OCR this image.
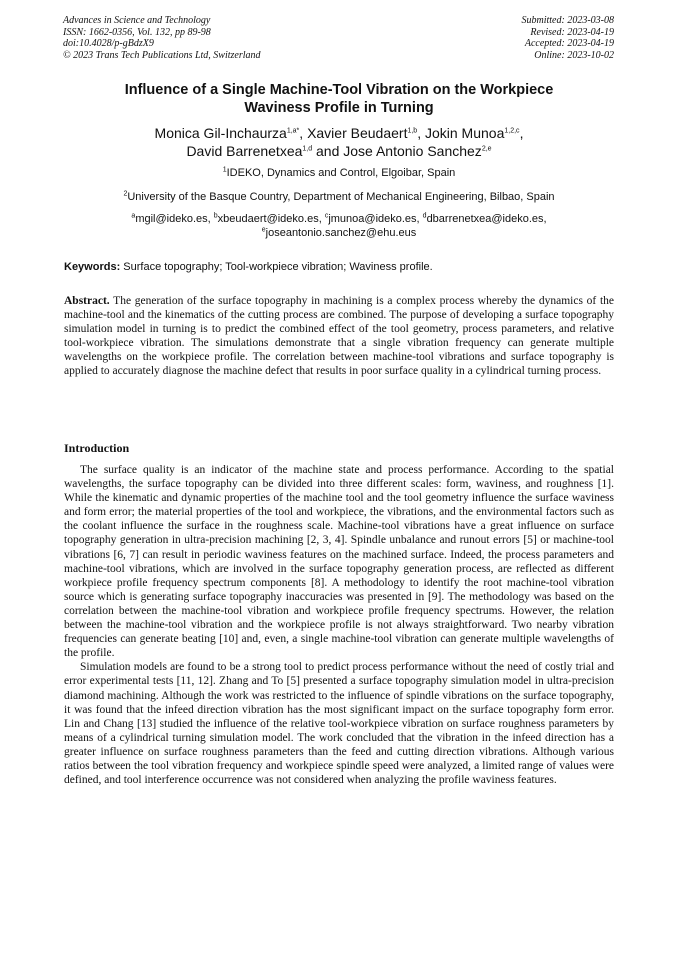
Advances in Science and Technology
ISSN: 1662-0356, Vol. 132, pp 89-98
doi:10.4028/p-gBdzX9
© 2023 Trans Tech Publications Ltd, Switzerland
Submitted: 2023-03-08
Revised: 2023-04-19
Accepted: 2023-04-19
Online: 2023-10-02
Influence of a Single Machine-Tool Vibration on the Workpiece
Waviness Profile in Turning
Monica Gil-Inchaurza$^{1,a*}$, Xavier Beudaert$^{1,b}$, Jokin Munoa$^{1,2,c}$,
David Barrenetxea$^{1,d}$ and Jose Antonio Sanchez$^{2,e}$
$^1$IDEKO, Dynamics and Control, Elgoibar, Spain
$^2$University of the Basque Country, Department of Mechanical Engineering, Bilbao, Spain
$^a$mgil@ideko.es, $^b$xbeudaert@ideko.es, $^c$jmunoa@ideko.es, $^d$dbarrenetxea@ideko.es,
$^e$joseantonio.sanchez@ehu.eus
Keywords: Surface topography; Tool-workpiece vibration; Waviness profile.
Abstract. The generation of the surface topography in machining is a complex process whereby the dynamics of the machine-tool and the kinematics of the cutting process are combined. The purpose of developing a surface topography simulation model in turning is to predict the combined effect of the tool geometry, process parameters, and relative tool-workpiece vibration. The simulations demonstrate that a single vibration frequency can generate multiple wavelengths on the workpiece profile. The correlation between machine-tool vibrations and surface topography is applied to accurately diagnose the machine defect that results in poor surface quality in a cylindrical turning process.
Introduction

The surface quality is an indicator of the machine state and process performance. According to the spatial wavelengths, the surface topography can be divided into three different scales: form, waviness, and roughness [1]. While the kinematic and dynamic properties of the machine tool and the tool geometry influence the surface waviness and form error; the material properties of the tool and workpiece, the vibrations, and the environmental factors such as the coolant influence the surface in the roughness scale. Machine-tool vibrations have a great influence on surface topography generation in ultra-precision machining [2, 3, 4]. Spindle unbalance and runout errors [5] or machine-tool vibrations [6, 7] can result in periodic waviness features on the machined surface. Indeed, the process parameters and machine-tool vibrations, which are involved in the surface topography generation process, are reflected as different workpiece profile frequency spectrum components [8]. A methodology to identify the root machine-tool vibration source which is generating surface topography inaccuracies was presented in [9]. The methodology was based on the correlation between the machine-tool vibration and workpiece profile frequency spectrums. However, the relation between the machine-tool vibration and the workpiece profile is not always straightforward. Two nearby vibration frequencies can generate beating [10] and, even, a single machine-tool vibration can generate multiple wavelengths of the profile.

Simulation models are found to be a strong tool to predict process performance without the need of costly trial and error experimental tests [11, 12]. Zhang and To [5] presented a surface topography simulation model in ultra-precision diamond machining. Although the work was restricted to the influence of spindle vibrations on the surface topography, it was found that the infeed direction vibration has the most significant impact on the surface topography form error. Lin and Chang [13] studied the influence of the relative tool-workpiece vibration on surface roughness parameters by means of a cylindrical turning simulation model. The work concluded that the vibration in the infeed direction has a greater influence on surface roughness parameters than the feed and cutting direction vibrations. Although various ratios between the tool vibration frequency and workpiece spindle speed were analyzed, a limited range of values were defined, and tool interference occurrence was not considered when analyzing the profile waviness features.
